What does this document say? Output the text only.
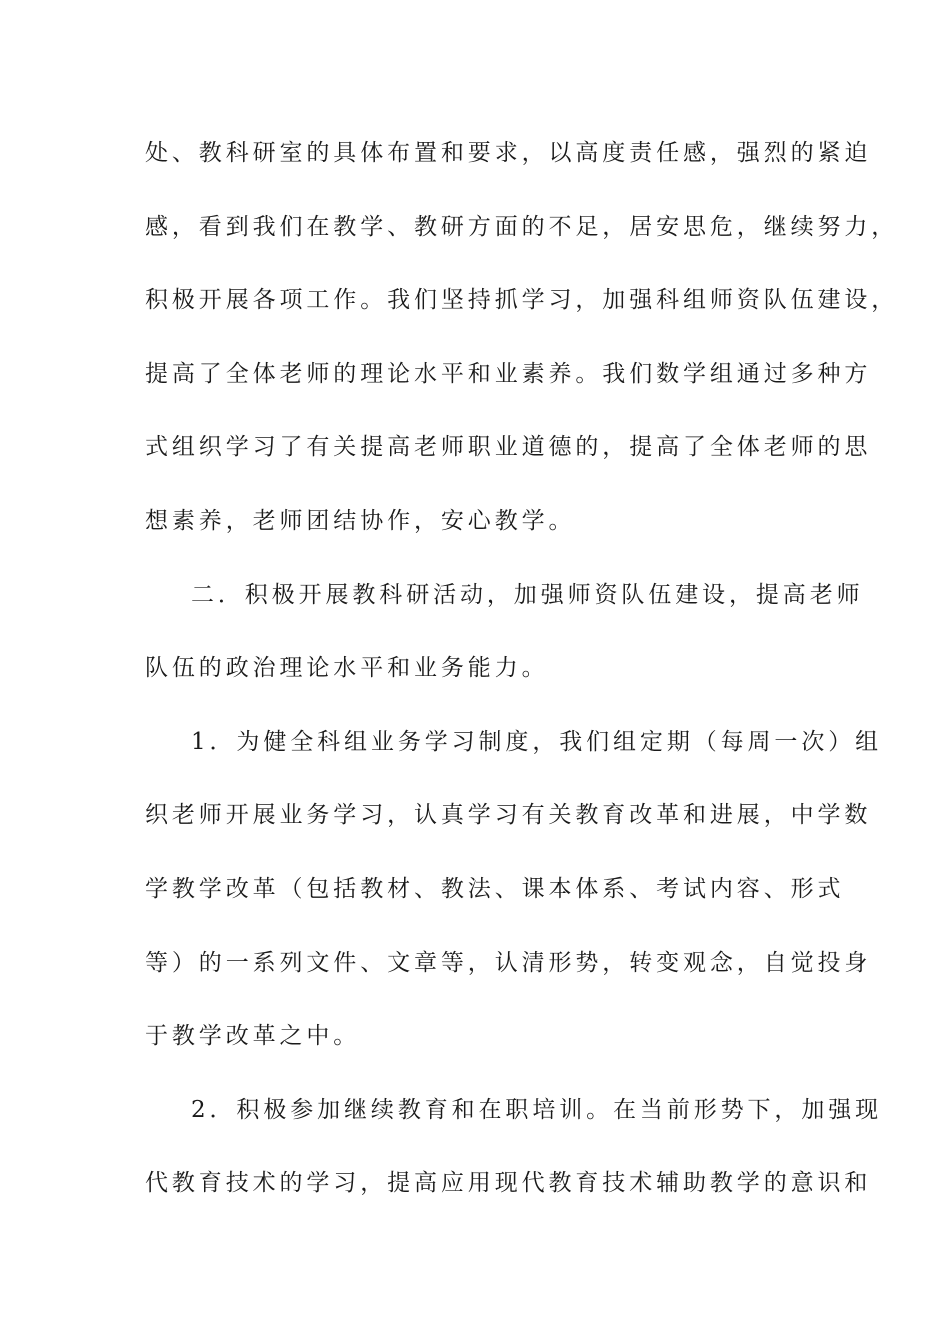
处、教科研室的具体布置和要求，以高度责任感，强烈的紧迫
感，看到我们在教学、教研方面的不足，居安思危，继续努力，
积极开展各项工作。我们坚持抓学习，加强科组师资队伍建设，
提高了全体老师的理论水平和业素养。我们数学组通过多种方
式组织学习了有关提高老师职业道德的，提高了全体老师的思
想素养，老师团结协作，安心教学。
二．积极开展教科研活动，加强师资队伍建设，提高老师
队伍的政治理论水平和业务能力。
1．为健全科组业务学习制度，我们组定期（每周一次）组
织老师开展业务学习，认真学习有关教育改革和进展，中学数
学教学改革（包括教材、教法、课本体系、考试内容、形式
等）的一系列文件、文章等，认清形势，转变观念，自觉投身
于教学改革之中。
2．积极参加继续教育和在职培训。在当前形势下，加强现
代教育技术的学习，提高应用现代教育技术辅助教学的意识和
